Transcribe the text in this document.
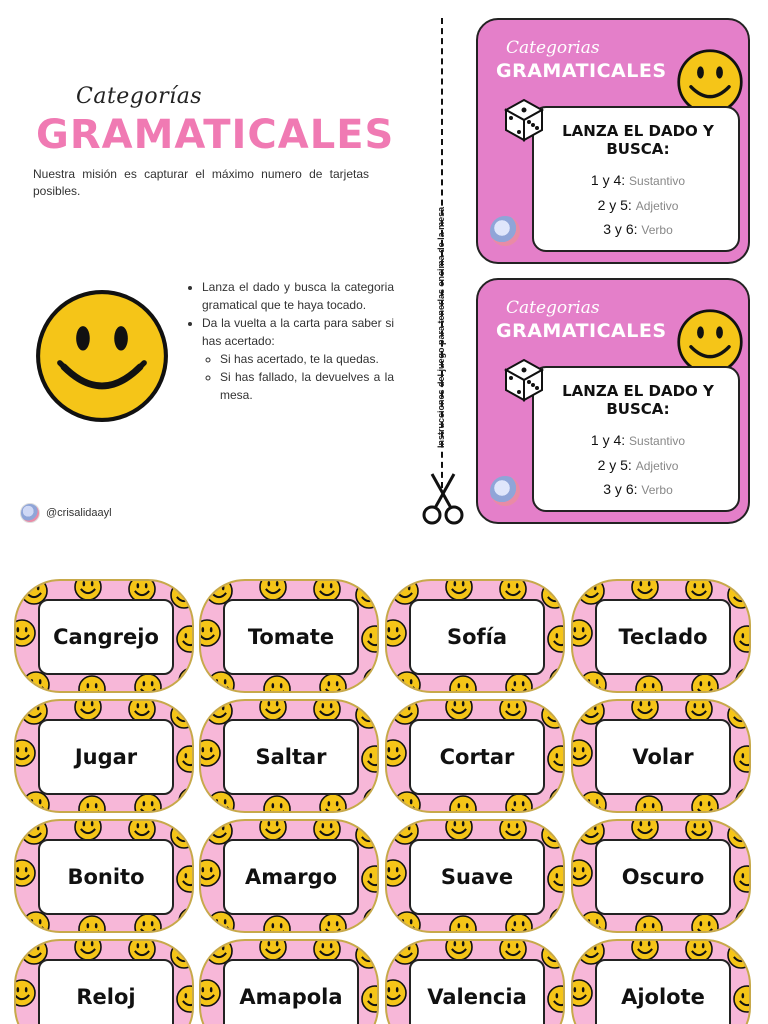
Categorías
GRAMATICALES

Nuestra misión es capturar el máximo numero de tarjetas posibles.

• Lanza el dado y busca la categoria gramatical que te haya tocado.
• Da la vuelta a la carta para saber si has acertado:
◦ Si has acertado, te la quedas.
◦ Si has fallado, la devuelves a la mesa.
@crisalidaayl
Instrucciones del juego para tenerlas encima de la mesa
Categorias
GRAMATICALES
LANZA EL DADO Y BUSCA:
1 y 4: Sustantivo
2 y 5: Adjetivo
3 y 6: Verbo
Categorias
GRAMATICALES
LANZA EL DADO Y BUSCA:
1 y 4: Sustantivo
2 y 5: Adjetivo
3 y 6: Verbo
Cangrejo	Tomate	Sofía	Teclado
Jugar	Saltar	Cortar	Volar
Bonito	Amargo	Suave	Oscuro
Reloj	Amapola	Valencia	Ajolote
